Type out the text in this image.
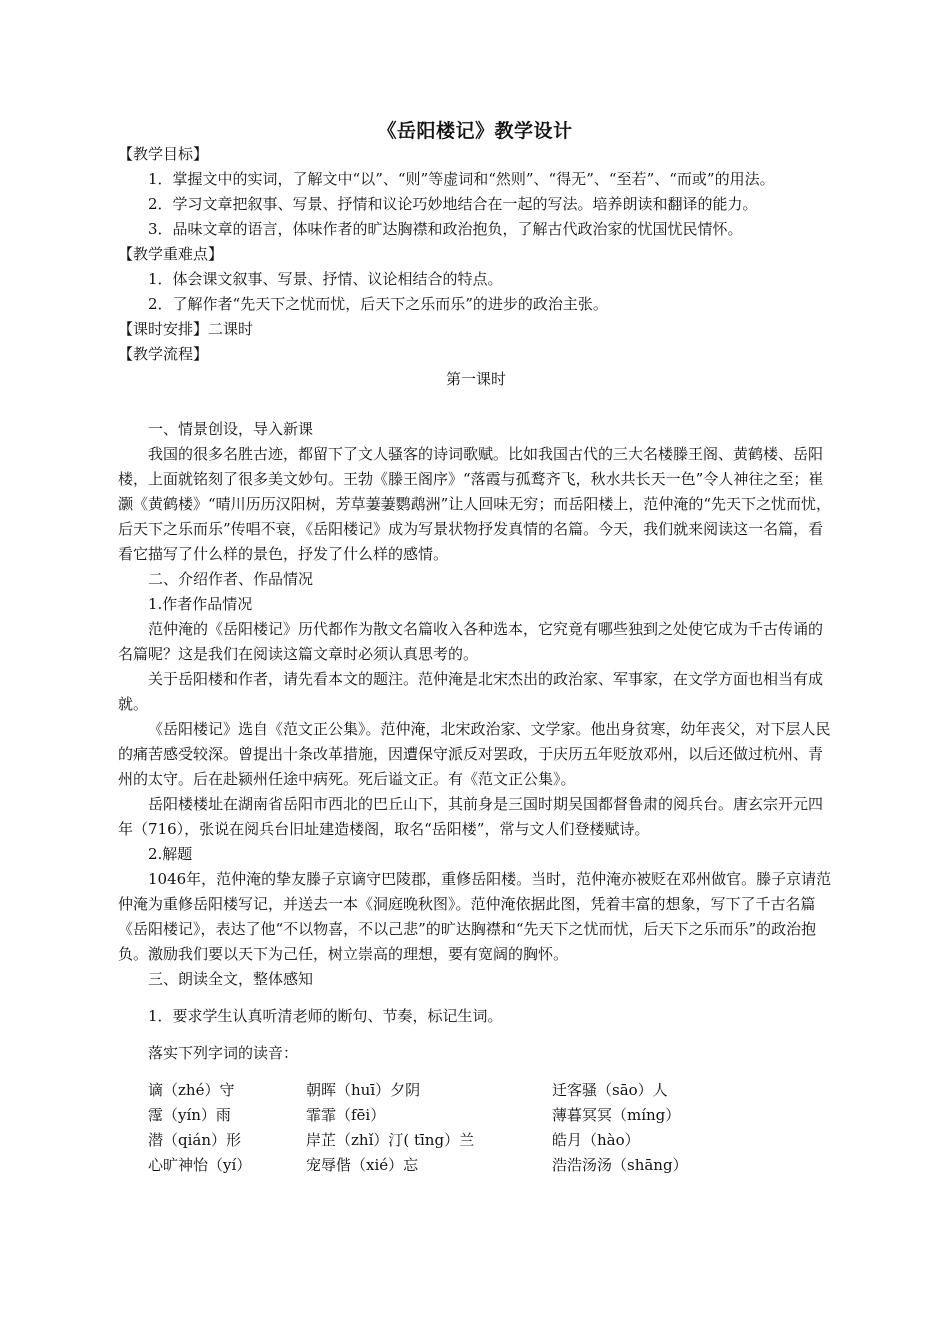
《岳阳楼记》教学设计

【教学目标】

1．掌握文中的实词，了解文中“以”、“则”等虚词和“然则”、“得无”、“至若”、“而或”的用法。

2．学习文章把叙事、写景、抒情和议论巧妙地结合在一起的写法。培养朗读和翻译的能力。

3．品味文章的语言，体味作者的旷达胸襟和政治抱负，了解古代政治家的忧国忧民情怀。

【教学重难点】

1．体会课文叙事、写景、抒情、议论相结合的特点。

2．了解作者“先天下之忧而忧，后天下之乐而乐”的进步的政治主张。

【课时安排】二课时

【教学流程】

第一课时

一、情景创设，导入新课

我国的很多名胜古迹，都留下了文人骚客的诗词歌赋。比如我国古代的三大名楼滕王阁、黄鹤楼、岳阳楼，上面就铭刻了很多美文妙句。王勃《滕王阁序》“落霞与孤鹜齐飞，秋水共长天一色”令人神往之至；崔灏《黄鹤楼》“晴川历历汉阳树，芳草萋萋鹦鹉洲”让人回味无穷；而岳阳楼上，范仲淹的“先天下之忧而忧，后天下之乐而乐”传唱不衰，《岳阳楼记》成为写景状物抒发真情的名篇。今天，我们就来阅读这一名篇，看看它描写了什么样的景色，抒发了什么样的感情。

二、介绍作者、作品情况

1.作者作品情况

范仲淹的《岳阳楼记》历代都作为散文名篇收入各种选本，它究竟有哪些独到之处使它成为千古传诵的名篇呢？这是我们在阅读这篇文章时必须认真思考的。

关于岳阳楼和作者，请先看本文的题注。范仲淹是北宋杰出的政治家、军事家，在文学方面也相当有成就。

《岳阳楼记》选自《范文正公集》。范仲淹，北宋政治家、文学家。他出身贫寒，幼年丧父，对下层人民的痛苦感受较深。曾提出十条改革措施，因遭保守派反对罢政，于庆历五年贬放邓州，以后还做过杭州、青州的太守。后在赴颍州任途中病死。死后谥文正。有《范文正公集》。

岳阳楼楼址在湖南省岳阳市西北的巴丘山下，其前身是三国时期吴国都督鲁肃的阅兵台。唐玄宗开元四年（716），张说在阅兵台旧址建造楼阁，取名“岳阳楼”，常与文人们登楼赋诗。

2.解题

1046年，范仲淹的挚友滕子京谪守巴陵郡，重修岳阳楼。当时，范仲淹亦被贬在邓州做官。滕子京请范仲淹为重修岳阳楼写记，并送去一本《洞庭晚秋图》。范仲淹依据此图，凭着丰富的想象，写下了千古名篇《岳阳楼记》，表达了他“不以物喜，不以己悲”的旷达胸襟和“先天下之忧而忧，后天下之乐而乐”的政治抱负。激励我们要以天下为己任，树立崇高的理想，要有宽阔的胸怀。

三、朗读全文，整体感知

1．要求学生认真听清老师的断句、节奏，标记生词。

落实下列字词的读音：

谪（zhé）守	朝晖（huī）夕阴	迁客骚（sāo）人
霪（yín）雨	霏霏（fēi）	薄暮冥冥（míng）
潜（qián）形	岸芷（zhǐ）汀( tīng）兰	皓月（hào）
心旷神怡（yí）	宠辱偕（xié）忘	浩浩汤汤（shāng）
